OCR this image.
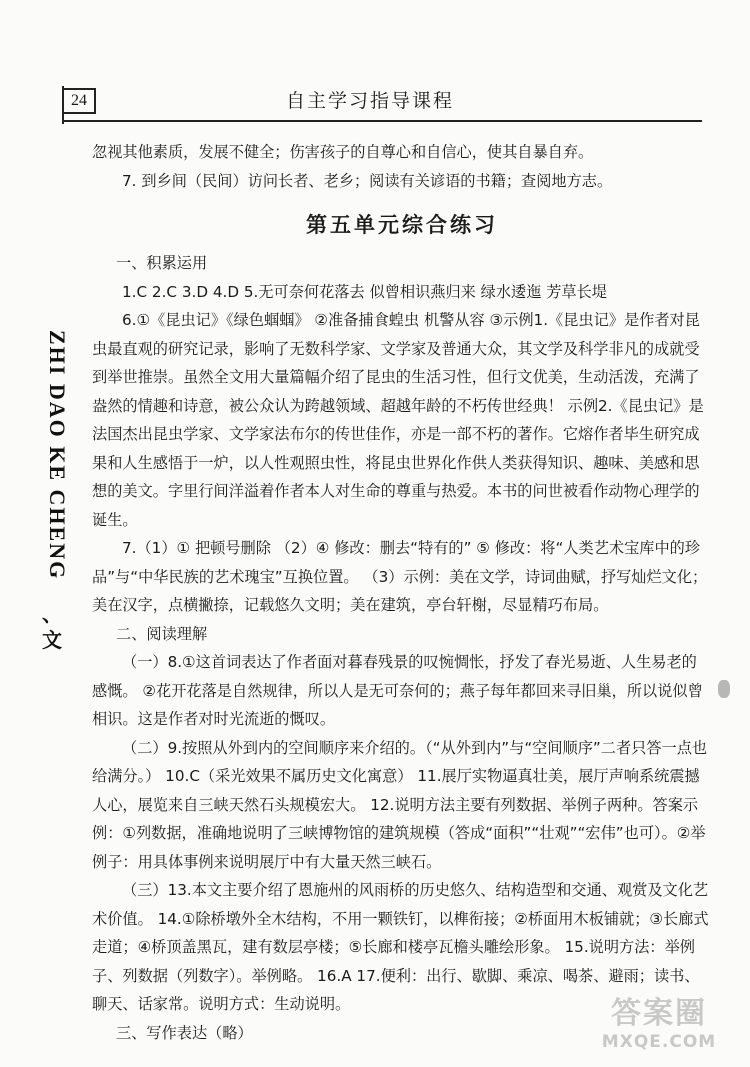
24	自主学习指导课程
ZHI DAO KE CHENG
、
文

忽视其他素质，发展不健全；伤害孩子的自尊心和自信心，使其自暴自弃。

7. 到乡间（民间）访问长者、老乡；阅读有关谚语的书籍；查阅地方志。

第五单元综合练习

一、积累运用

1.C 2.C 3.D 4.D 5.无可奈何花落去 似曾相识燕归来 绿水逶迤 芳草长堤

6.①《昆虫记》《绿色蝈蝈》 ②准备捕食蝗虫 机警从容 ③示例1.《昆虫记》是作者对昆虫最直观的研究记录，影响了无数科学家、文学家及普通大众，其文学及科学非凡的成就受到举世推崇。虽然全文用大量篇幅介绍了昆虫的生活习性，但行文优美，生动活泼，充满了盎然的情趣和诗意，被公众认为跨越领域、超越年龄的不朽传世经典！ 示例2.《昆虫记》是法国杰出昆虫学家、文学家法布尔的传世佳作，亦是一部不朽的著作。它熔作者毕生研究成果和人生感悟于一炉，以人性观照虫性，将昆虫世界化作供人类获得知识、趣味、美感和思想的美文。字里行间洋溢着作者本人对生命的尊重与热爱。本书的问世被看作动物心理学的诞生。

7.（1）① 把顿号删除 （2）④ 修改：删去“特有的” ⑤ 修改：将“人类艺术宝库中的珍品”与“中华民族的艺术瑰宝”互换位置。 （3）示例：美在文学，诗词曲赋，抒写灿烂文化；美在汉字，点横撇捺，记载悠久文明；美在建筑，亭台轩榭，尽显精巧布局。

二、阅读理解

（一）8.①这首词表达了作者面对暮春残景的叹惋惆怅，抒发了春光易逝、人生易老的感慨。 ②花开花落是自然规律，所以人是无可奈何的；燕子每年都回来寻旧巢，所以说似曾相识。这是作者对时光流逝的慨叹。

（二）9.按照从外到内的空间顺序来介绍的。（“从外到内”与“空间顺序”二者只答一点也给满分。） 10.C（采光效果不属历史文化寓意） 11.展厅实物逼真壮美，展厅声响系统震撼人心，展览来自三峡天然石头规模宏大。 12.说明方法主要有列数据、举例子两种。答案示例：①列数据，准确地说明了三峡博物馆的建筑规模（答成“面积”“壮观”“宏伟”也可）。②举例子：用具体事例来说明展厅中有大量天然三峡石。

（三）13.本文主要介绍了恩施州的风雨桥的历史悠久、结构造型和交通、观赏及文化艺术价值。 14.①除桥墩外全木结构，不用一颗铁钉，以榫衔接；②桥面用木板铺就；③长廊式走道；④桥顶盖黑瓦，建有数层亭楼；⑤长廊和楼亭瓦檐头雕绘形象。 15.说明方法：举例子、列数据（列数字）。举例略。 16.A 17.便利：出行、歇脚、乘凉、喝茶、避雨；读书、聊天、话家常。说明方式：生动说明。

三、写作表达（略）

答案圈
MXQE.COM
